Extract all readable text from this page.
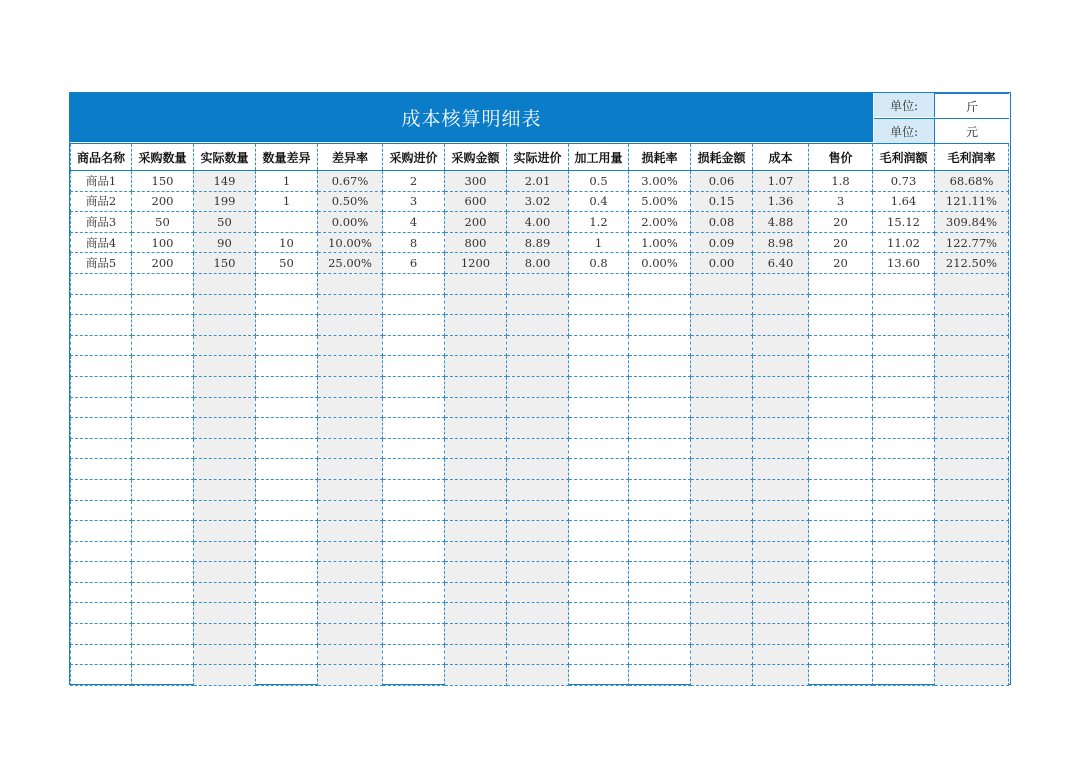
成本核算明细表
单位:	斤
单位:	元
商品名称	采购数量	实际数量	数量差异	差异率	采购进价	采购金额	实际进价	加工用量	损耗率	损耗金额	成本	售价	毛利润额	毛利润率
商品1	150	149	1	0.67%	2	300	2.01	0.5	3.00%	0.06	1.07	1.8	0.73	68.68%
商品2	200	199	1	0.50%	3	600	3.02	0.4	5.00%	0.15	1.36	3	1.64	121.11%
商品3	50	50		0.00%	4	200	4.00	1.2	2.00%	0.08	4.88	20	15.12	309.84%
商品4	100	90	10	10.00%	8	800	8.89	1	1.00%	0.09	8.98	20	11.02	122.77%
商品5	200	150	50	25.00%	6	1200	8.00	0.8	0.00%	0.00	6.40	20	13.60	212.50%
